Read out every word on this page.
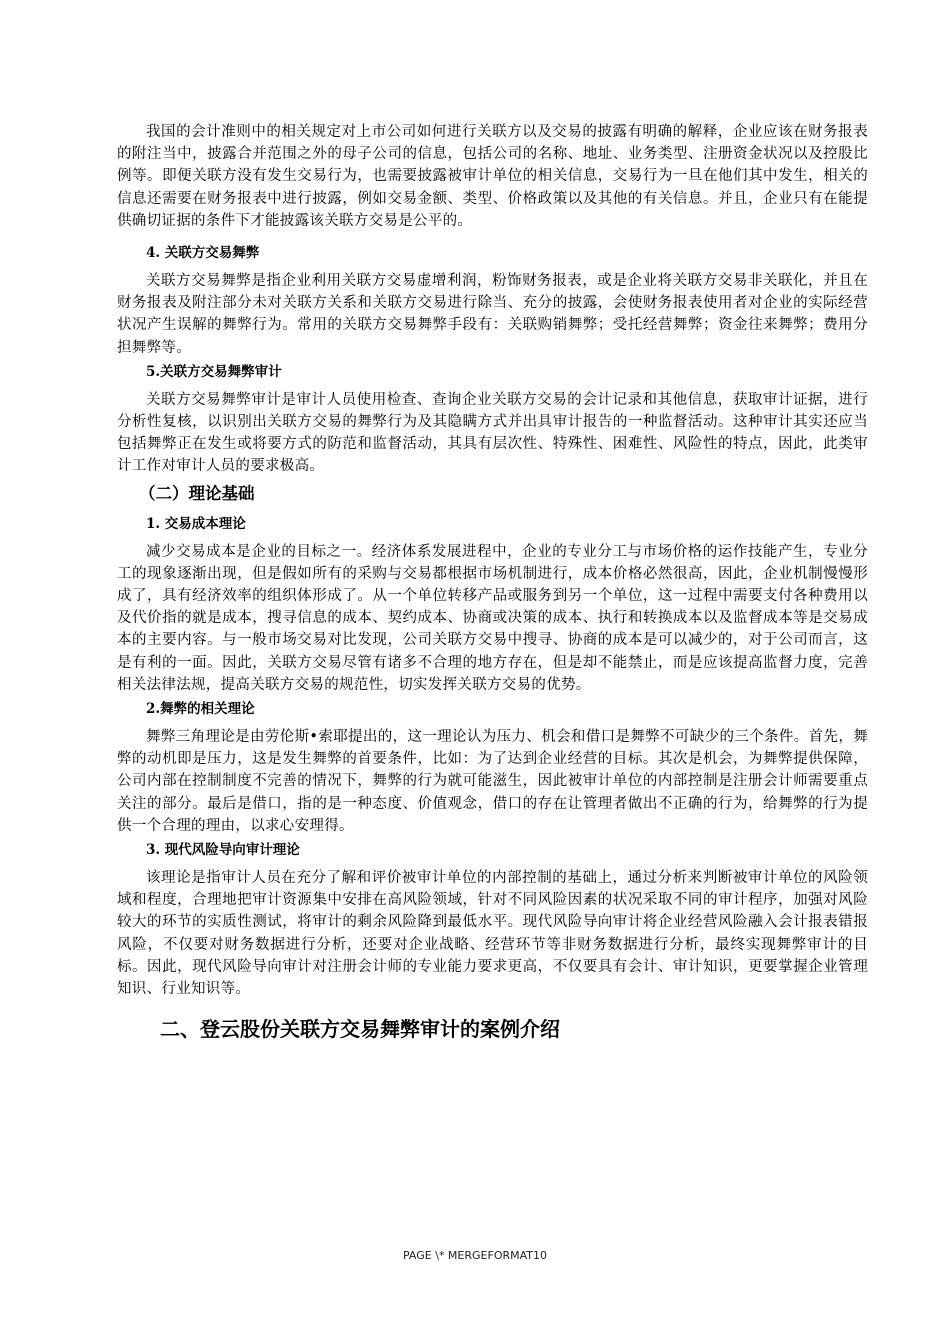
我国的会计准则中的相关规定对上市公司如何进行关联方以及交易的披露有明确的解释，企业应该在财务报表的附注当中，披露合并范围之外的母子公司的信息，包括公司的名称、地址、业务类型、注册资金状况以及控股比例等。即便关联方没有发生交易行为，也需要披露被审计单位的相关信息，交易行为一旦在他们其中发生，相关的信息还需要在财务报表中进行披露，例如交易金额、类型、价格政策以及其他的有关信息。并且，企业只有在能提供确切证据的条件下才能披露该关联方交易是公平的。

4. 关联方交易舞弊

关联方交易舞弊是指企业利用关联方交易虚增利润，粉饰财务报表，或是企业将关联方交易非关联化，并且在财务报表及附注部分未对关联方关系和关联方交易进行除当、充分的披露，会使财务报表使用者对企业的实际经营状况产生误解的舞弊行为。常用的关联方交易舞弊手段有：关联购销舞弊；受托经营舞弊；资金往来舞弊；费用分担舞弊等。

5.关联方交易舞弊审计

关联方交易舞弊审计是审计人员使用检查、查询企业关联方交易的会计记录和其他信息，获取审计证据，进行分析性复核，以识别出关联方交易的舞弊行为及其隐瞒方式并出具审计报告的一种监督活动。这种审计其实还应当包括舞弊正在发生或将要方式的防范和监督活动，其具有层次性、特殊性、困难性、风险性的特点，因此，此类审计工作对审计人员的要求极高。

（二）理论基础
1. 交易成本理论

减少交易成本是企业的目标之一。经济体系发展进程中，企业的专业分工与市场价格的运作技能产生，专业分工的现象逐渐出现，但是假如所有的采购与交易都根据市场机制进行，成本价格必然很高，因此，企业机制慢慢形成了，具有经济效率的组织体形成了。从一个单位转移产品或服务到另一个单位，这一过程中需要支付各种费用以及代价指的就是成本，搜寻信息的成本、契约成本、协商或决策的成本、执行和转换成本以及监督成本等是交易成本的主要内容。与一般市场交易对比发现，公司关联方交易中搜寻、协商的成本是可以减少的，对于公司而言，这是有利的一面。因此，关联方交易尽管有诸多不合理的地方存在，但是却不能禁止，而是应该提高监督力度，完善相关法律法规，提高关联方交易的规范性，切实发挥关联方交易的优势。

2.舞弊的相关理论

舞弊三角理论是由劳伦斯•索耶提出的，这一理论认为压力、机会和借口是舞弊不可缺少的三个条件。首先，舞弊的动机即是压力，这是发生舞弊的首要条件，比如：为了达到企业经营的目标。其次是机会，为舞弊提供保障，公司内部在控制制度不完善的情况下，舞弊的行为就可能滋生，因此被审计单位的内部控制是注册会计师需要重点关注的部分。最后是借口，指的是一种态度、价值观念，借口的存在让管理者做出不正确的行为，给舞弊的行为提供一个合理的理由，以求心安理得。

3. 现代风险导向审计理论

该理论是指审计人员在充分了解和评价被审计单位的内部控制的基础上，通过分析来判断被审计单位的风险领域和程度，合理地把审计资源集中安排在高风险领域，针对不同风险因素的状况采取不同的审计程序，加强对风险较大的环节的实质性测试，将审计的剩余风险降到最低水平。现代风险导向审计将企业经营风险融入会计报表错报风险，不仅要对财务数据进行分析，还要对企业战略、经营环节等非财务数据进行分析，最终实现舞弊审计的目标。因此，现代风险导向审计对注册会计师的专业能力要求更高，不仅要具有会计、审计知识，更要掌握企业管理知识、行业知识等。

二、登云股份关联方交易舞弊审计的案例介绍
PAGE \* MERGEFORMAT10
